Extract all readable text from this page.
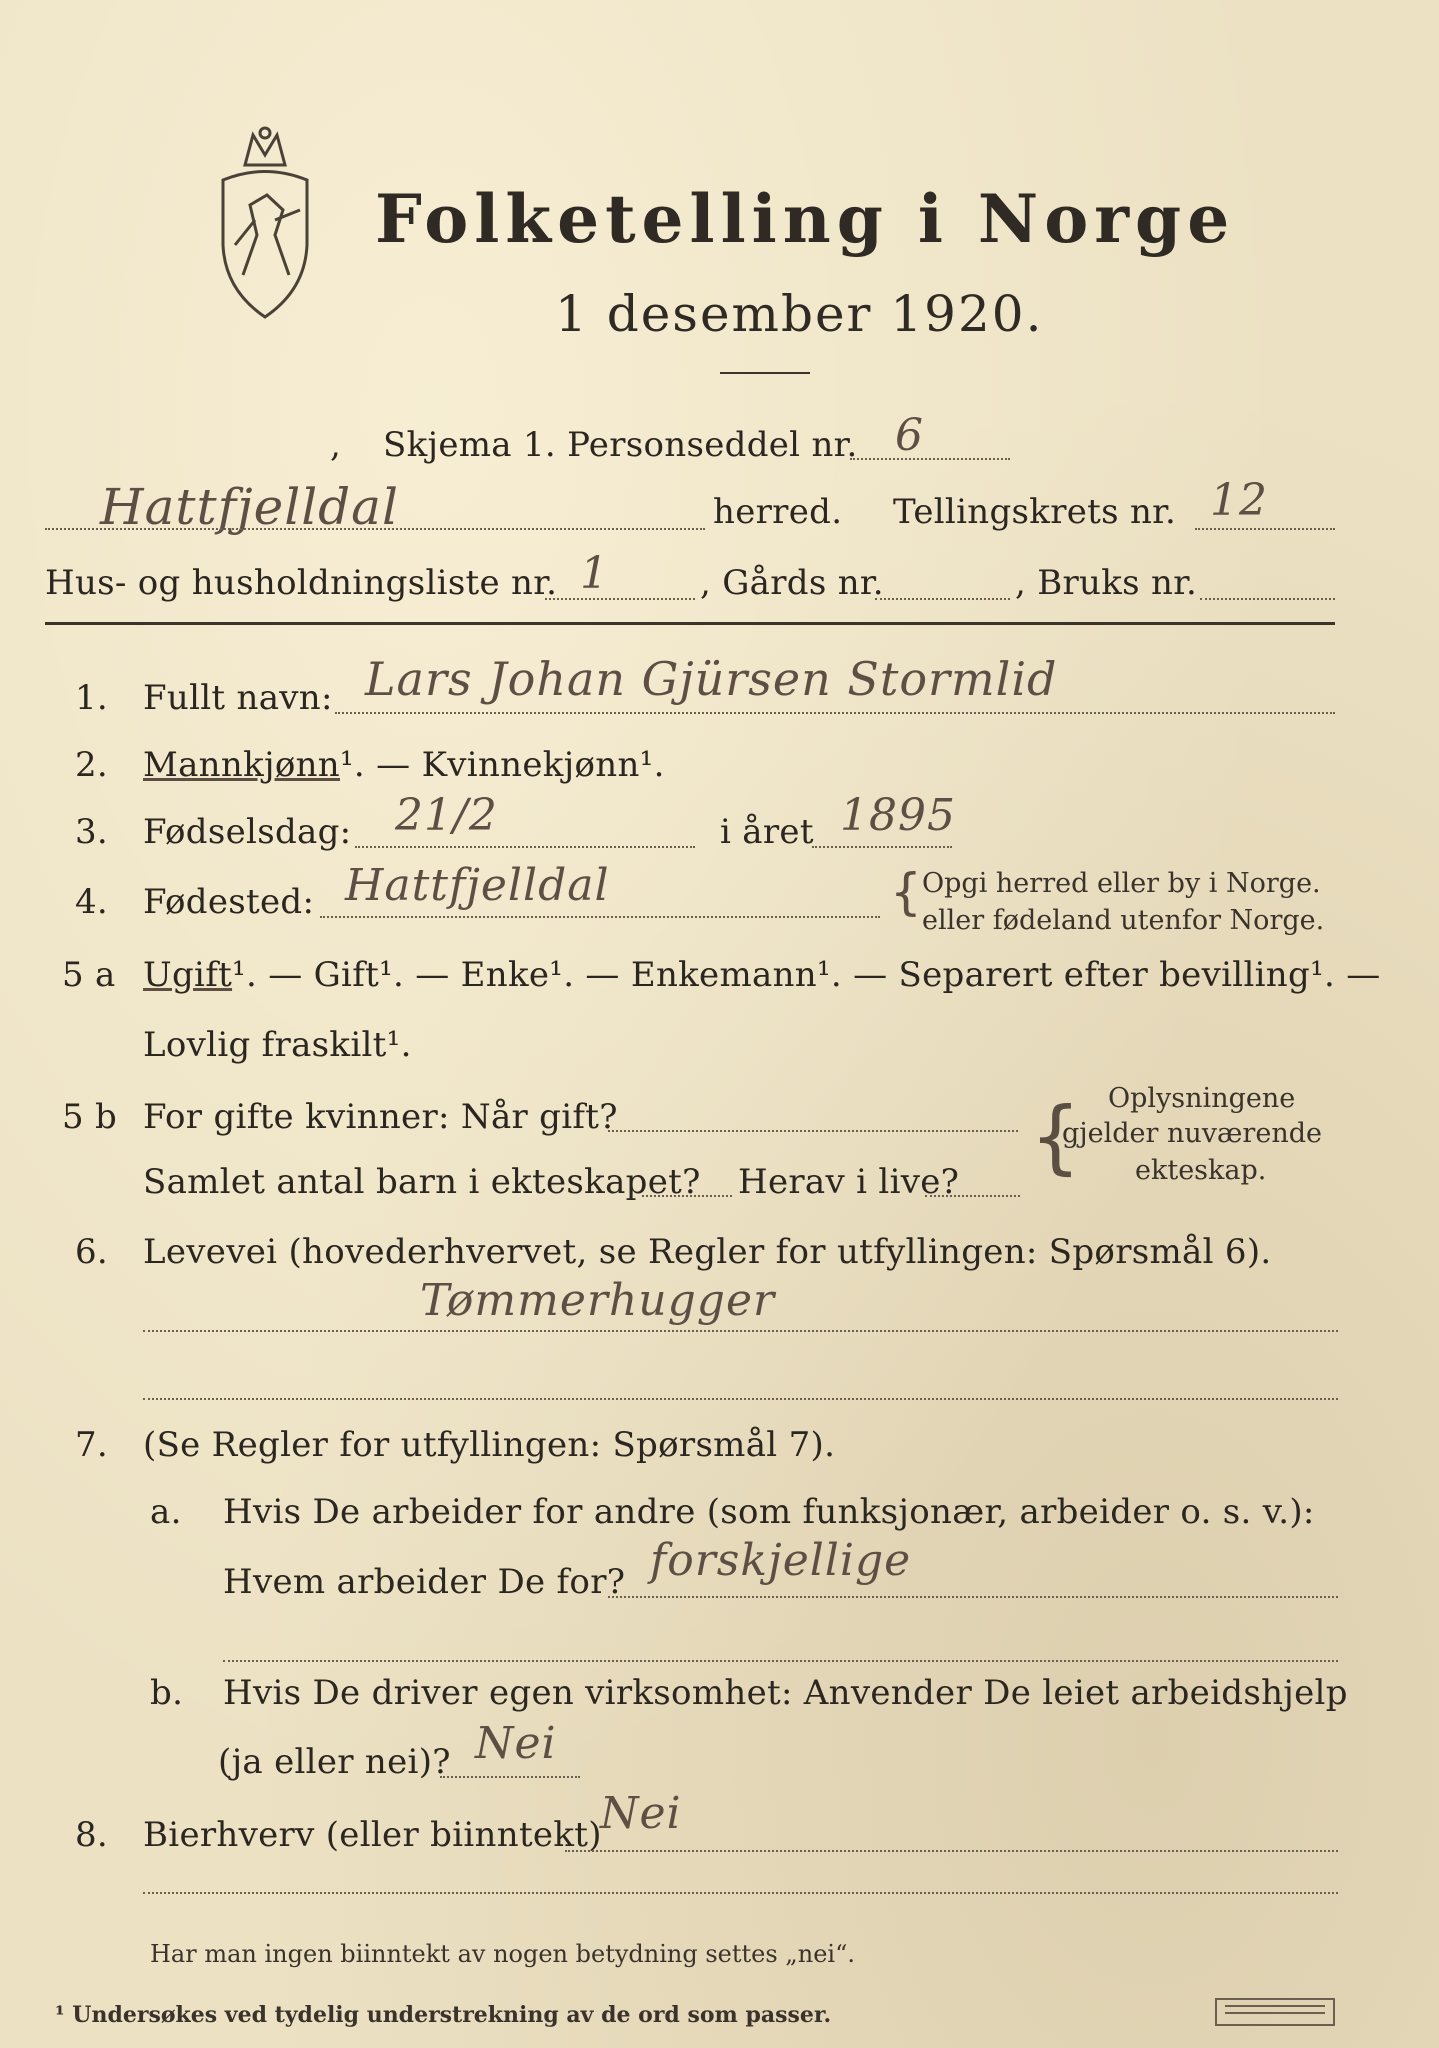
Folketelling i Norge
1 desember 1920.
, Skjema 1. Personseddel nr. 6
Hattfjelldal	herred. Tellingskrets nr. 12
Hus- og husholdningsliste nr. 1	, Gårds nr.	, Bruks nr.
1. Fullt navn: Lars Johan Gjürsen Stormlid
2. Mannkjønn¹. — Kvinnekjønn¹.
3. Fødselsdag: 21/2	i året 1895
4. Fødested: Hattfjelldal	{ Opgi herred eller by i Norge.
eller fødeland utenfor Norge.
5 a Ugift¹. — Gift¹. — Enke¹. — Enkemann¹. — Separert efter bevilling¹. —
Lovlig fraskilt¹.
5 b For gifte kvinner: Når gift?
Samlet antal barn i ekteskapet? Herav i live? { Oplysningene
gjelder nuværende
ekteskap.
6. Levevei (hovederhvervet, se Regler for utfyllingen: Spørsmål 6).
Tømmerhugger
7. (Se Regler for utfyllingen: Spørsmål 7).
a. Hvis De arbeider for andre (som funksjonær, arbeider o. s. v.):
Hvem arbeider De for? forskjellige
b. Hvis De driver egen virksomhet: Anvender De leiet arbeidshjelp
(ja eller nei)? Nei
8. Bierhverv (eller biinntekt)
Nei
Har man ingen biinntekt av nogen betydning settes „nei“.
¹ Undersøkes ved tydelig understrekning av de ord som passer.
